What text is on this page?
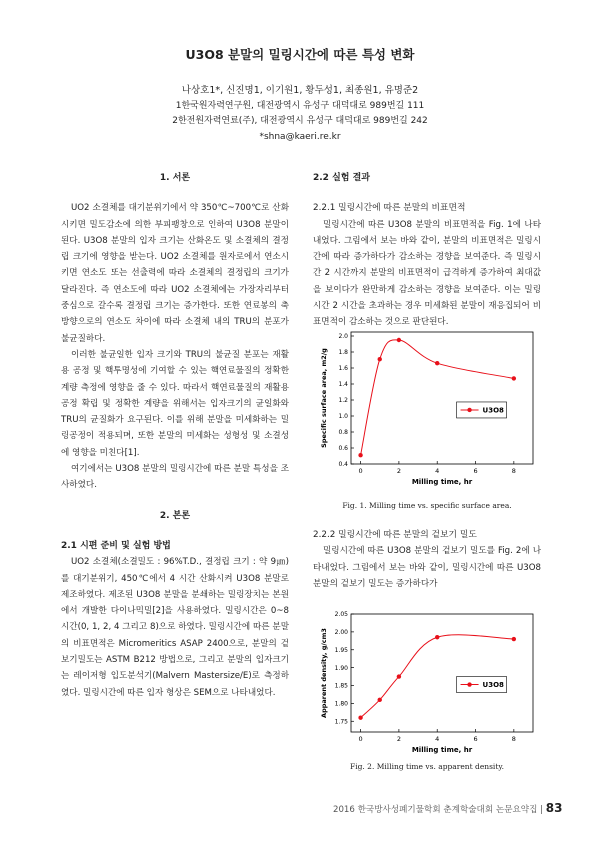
U3O8 분말의 밀링시간에 따른 특성 변화
나상호1*, 신진명1, 이기원1, 황두성1, 최종원1, 유명준2
1한국원자력연구원, 대전광역시 유성구 대덕대로 989번길 111
2한전원자력연료(주), 대전광역시 유성구 대덕대로 989번길 242
*shna@kaeri.re.kr
1. 서론

UO2 소결체를 대기분위기에서 약 350℃~700℃로 산화시키면 밀도감소에 의한 부피팽창으로 인하여 U3O8 분말이 된다. U3O8 분말의 입자 크기는 산화온도 및 소결체의 결정립 크기에 영향을 받는다. UO2 소결체를 원자로에서 연소시키면 연소도 또는 선출력에 따라 소결체의 결정립의 크기가 달라진다. 즉 연소도에 따라 UO2 소결체에는 가장자리부터 중심으로 갈수록 결정립 크기는 증가한다. 또한 연료봉의 축방향으로의 연소도 차이에 따라 소결체 내의 TRU의 분포가 불균질하다.

이러한 불균일한 입자 크기와 TRU의 불균질 분포는 재활용 공정 및 핵투명성에 기여할 수 있는 핵연료물질의 정확한 계량 측정에 영향을 줄 수 있다. 따라서 핵연료물질의 재활용 공정 확립 및 정확한 계량을 위해서는 입자크기의 균일화와 TRU의 균질화가 요구된다. 이를 위해 분말을 미세화하는 밀링공정이 적용되며, 또한 분말의 미세화는 성형성 및 소결성에 영향을 미친다[1].

여기에서는 U3O8 분말의 밀링시간에 따른 분말 특성을 조사하였다.

2. 본론
2.1 시편 준비 및 실험 방법

UO2 소결체(소결밀도 : 96%T.D., 결정립 크기 : 약 9㎛)를 대기분위기, 450℃에서 4 시간 산화시켜 U3O8 분말로 제조하였다. 제조된 U3O8 분말을 분쇄하는 밀링장치는 본원에서 개발한 다이나믹밀[2]을 사용하였다. 밀링시간은 0~8 시간(0, 1, 2, 4 그리고 8)으로 하였다. 밀링시간에 따른 분말의 비표면적은 Micromeritics ASAP 2400으로, 분말의 겉보기밀도는 ASTM B212 방법으로, 그리고 분말의 입자크기는 레이저형 입도분석기(Malvern Mastersize/E)로 측정하였다. 밀링시간에 따른 입자 형상은 SEM으로 나타내었다.

2.2 실험 결과
2.2.1 밀링시간에 따른 분말의 비표면적

밀링시간에 따른 U3O8 분말의 비표면적을 Fig. 1에 나타내었다. 그림에서 보는 바와 같이, 분말의 비표면적은 밀링시간에 따라 증가하다가 감소하는 경향을 보여준다. 즉 밀링시간 2 시간까지 분말의 비표면적이 급격하게 증가하여 최대값을 보이다가 완만하게 감소하는 경향을 보여준다. 이는 밀링시간 2 시간을 초과하는 경우 미세화된 분말이 재응집되어 비표면적이 감소하는 것으로 판단된다.

0	2	4	6	8
0.4
0.6
0.8
1.0
1.2
1.4
1.6
1.8
2.0
Milling time, hr
Specific surface area, m2/g	U3O8
Fig. 1. Milling time vs. specific surface area.
2.2.2 밀링시간에 따른 분말의 겉보기 밀도

밀링시간에 따른 U3O8 분말의 겉보기 밀도를 Fig. 2에 나타내었다. 그림에서 보는 바와 같이, 밀링시간에 따른 U3O8 분말의 겉보기 밀도는 증가하다가

0	2	4	6	8
1.75
1.80
1.85
1.90
1.95
2.00
2.05
Milling time, hr
Apparent density, g/cm3	U3O8
Fig. 2. Milling time vs. apparent density.
2016 한국방사성폐기물학회 춘계학술대회 논문요약집 | 83
